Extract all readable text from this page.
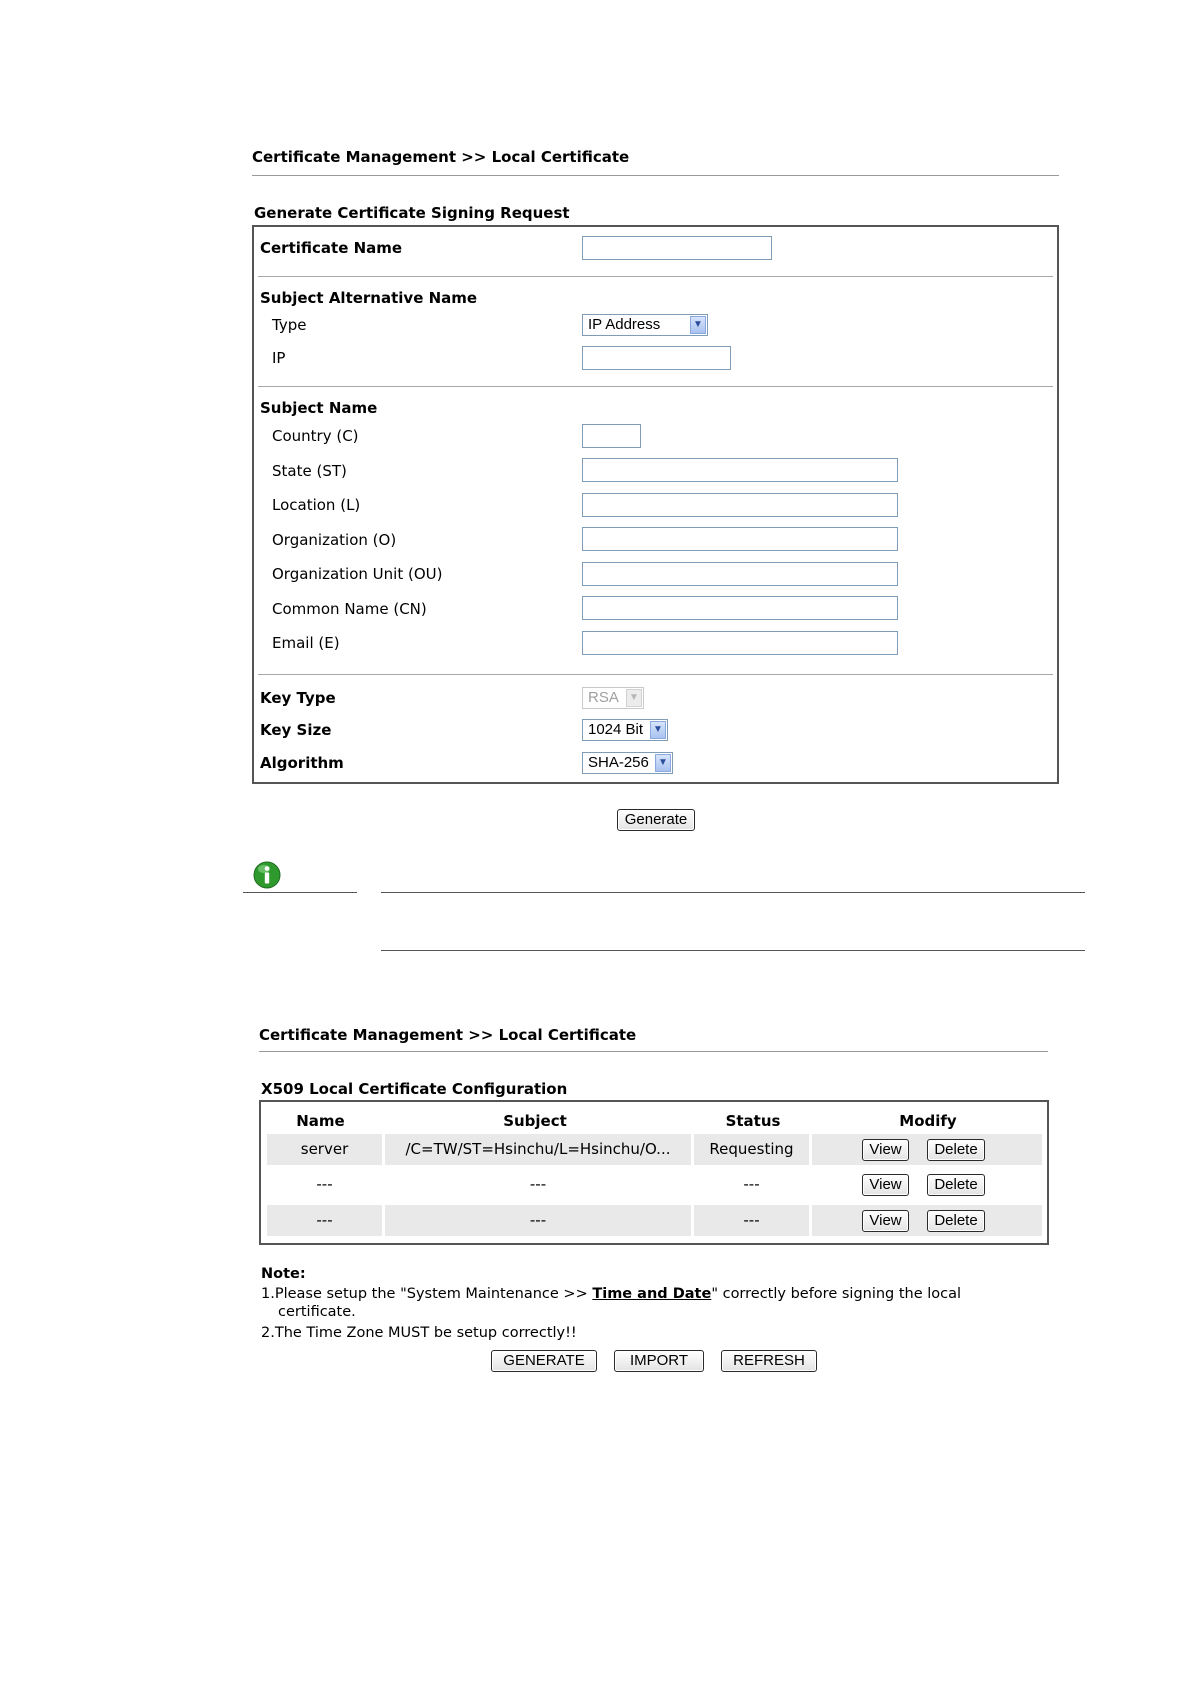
Certificate Management >> Local Certificate
Generate Certificate Signing Request
Certificate Name
Subject Alternative Name
Type	IP Address	▼
IP
Subject Name
Country (C)
State (ST)
Location (L)
Organization (O)
Organization Unit (OU)
Common Name (CN)
Email (E)
Key Type	RSA	▼
Key Size	1024 Bit	▼
Algorithm	SHA-256 ▼
Generate
Certificate Management >> Local Certificate
X509 Local Certificate Configuration
Name	Subject	Status	Modify
server	/C=TW/ST=Hsinchu/L=Hsinchu/O...	Requesting	View	Delete
---	---	---	View	Delete
---	---	---	View	Delete
Note:
1.Please setup the "System Maintenance >> Time and Date" correctly before signing the local
certificate.
2.The Time Zone MUST be setup correctly!!
GENERATE	IMPORT	REFRESH
